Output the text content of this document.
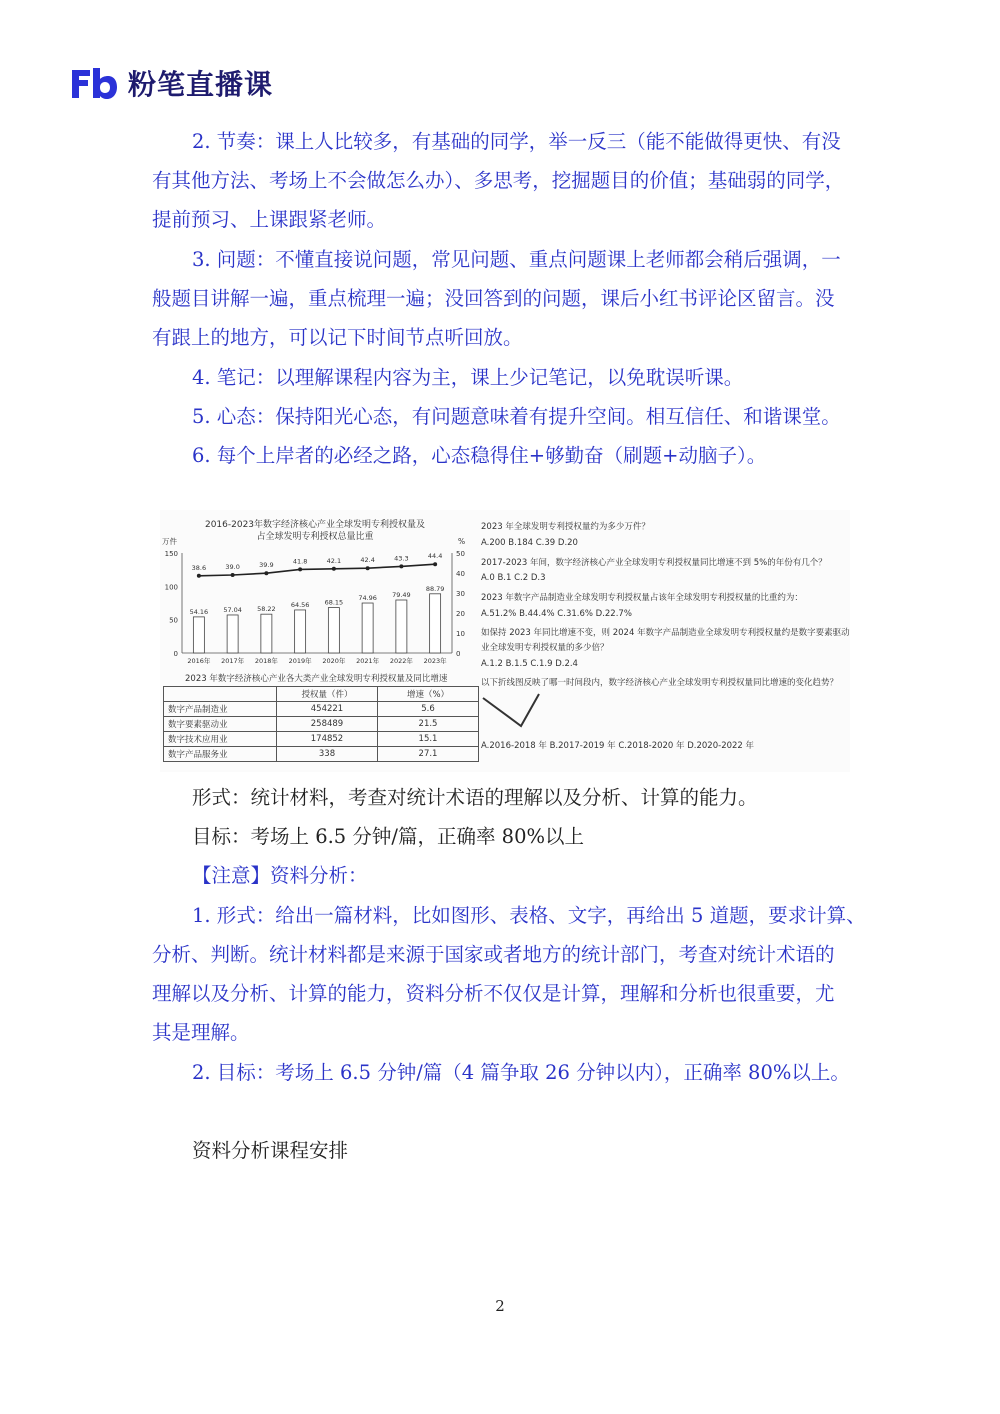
粉笔直播课
2. 节奏：课上人比较多，有基础的同学，举一反三（能不能做得更快、有没
有其他方法、考场上不会做怎么办）、多思考，挖掘题目的价值；基础弱的同学，
提前预习、上课跟紧老师。
3. 问题：不懂直接说问题，常见问题、重点问题课上老师都会稍后强调，一
般题目讲解一遍，重点梳理一遍；没回答到的问题，课后小红书评论区留言。没
有跟上的地方，可以记下时间节点听回放。
4. 笔记：以理解课程内容为主，课上少记笔记，以免耽误听课。
5. 心态：保持阳光心态，有问题意味着有提升空间。相互信任、和谐课堂。
6. 每个上岸者的必经之路，心态稳得住+够勤奋（刷题+动脑子）。
2016-2023年数字经济核心产业全球发明专利授权量及
占全球发明专利授权总量比重
万件	%
0
50
100
150
0
10
20
30
40
50
54.16
2016年
38.6
57.04
2017年
39.0
58.22
2018年
39.9
64.56
2019年
41.8
68.15
2020年
42.1
74.96
2021年
42.4
79.49
2022年
43.3
88.79
2023年
44.4
2023 年数字经济核心产业各大类产业全球发明专利授权量及同比增速
	授权量（件）	增速（%）
数字产品制造业	454221	5.6
数字要素驱动业	258489	21.5
数字技术应用业	174852	15.1
数字产品服务业	338	27.1
2023 年全球发明专利授权量约为多少万件？
A.200 B.184 C.39 D.20
2017-2023 年间，数字经济核心产业全球发明专利授权量同比增速不到 5%的年份有几个？
A.0 B.1 C.2 D.3
2023 年数字产品制造业全球发明专利授权量占该年全球发明专利授权量的比重约为：
A.51.2% B.44.4% C.31.6% D.22.7%
如保持 2023 年同比增速不变，则 2024 年数字产品制造业全球发明专利授权量约是数字要素驱动
业全球发明专利授权量的多少倍？
A.1.2 B.1.5 C.1.9 D.2.4
以下折线图反映了哪一时间段内，数字经济核心产业全球发明专利授权量同比增速的变化趋势？
A.2016-2018 年 B.2017-2019 年 C.2018-2020 年 D.2020-2022 年
形式：统计材料，考查对统计术语的理解以及分析、计算的能力。
目标：考场上 6.5 分钟/篇，正确率 80%以上
【注意】资料分析：
1. 形式：给出一篇材料，比如图形、表格、文字，再给出 5 道题，要求计算、
分析、判断。统计材料都是来源于国家或者地方的统计部门，考查对统计术语的
理解以及分析、计算的能力，资料分析不仅仅是计算，理解和分析也很重要，尤
其是理解。
2. 目标：考场上 6.5 分钟/篇（4 篇争取 26 分钟以内），正确率 80%以上。
资料分析课程安排
2
